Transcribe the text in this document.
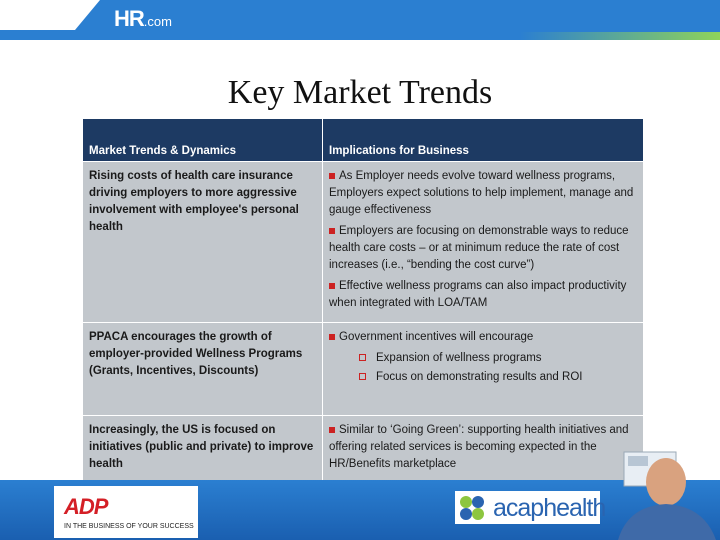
HR.com
Key Market Trends
Market Trends & Dynamics	Implications for Business
Rising costs of health care insurance driving employers to more aggressive involvement with employee's personal health	As Employer needs evolve toward wellness programs, Employers expect solutions to help implement, manage and gauge effectiveness
Employers are focusing on demonstrable ways to reduce health care costs – or at minimum reduce the rate of cost increases (i.e., “bending the cost curve”)
Effective wellness programs can also impact productivity when integrated with LOA/TAM

PPACA encourages the growth of employer-provided Wellness Programs (Grants, Incentives, Discounts)	Government incentives will encourage
Expansion of wellness programs
Focus on demonstrating results and ROI

Increasingly, the US is focused on initiatives (public and private) to improve health	Similar to ‘Going Green’: supporting health initiatives and offering related services is becoming expected in the HR/Benefits marketplace
ADP
IN THE BUSINESS OF YOUR SUCCESS
acaphealth
